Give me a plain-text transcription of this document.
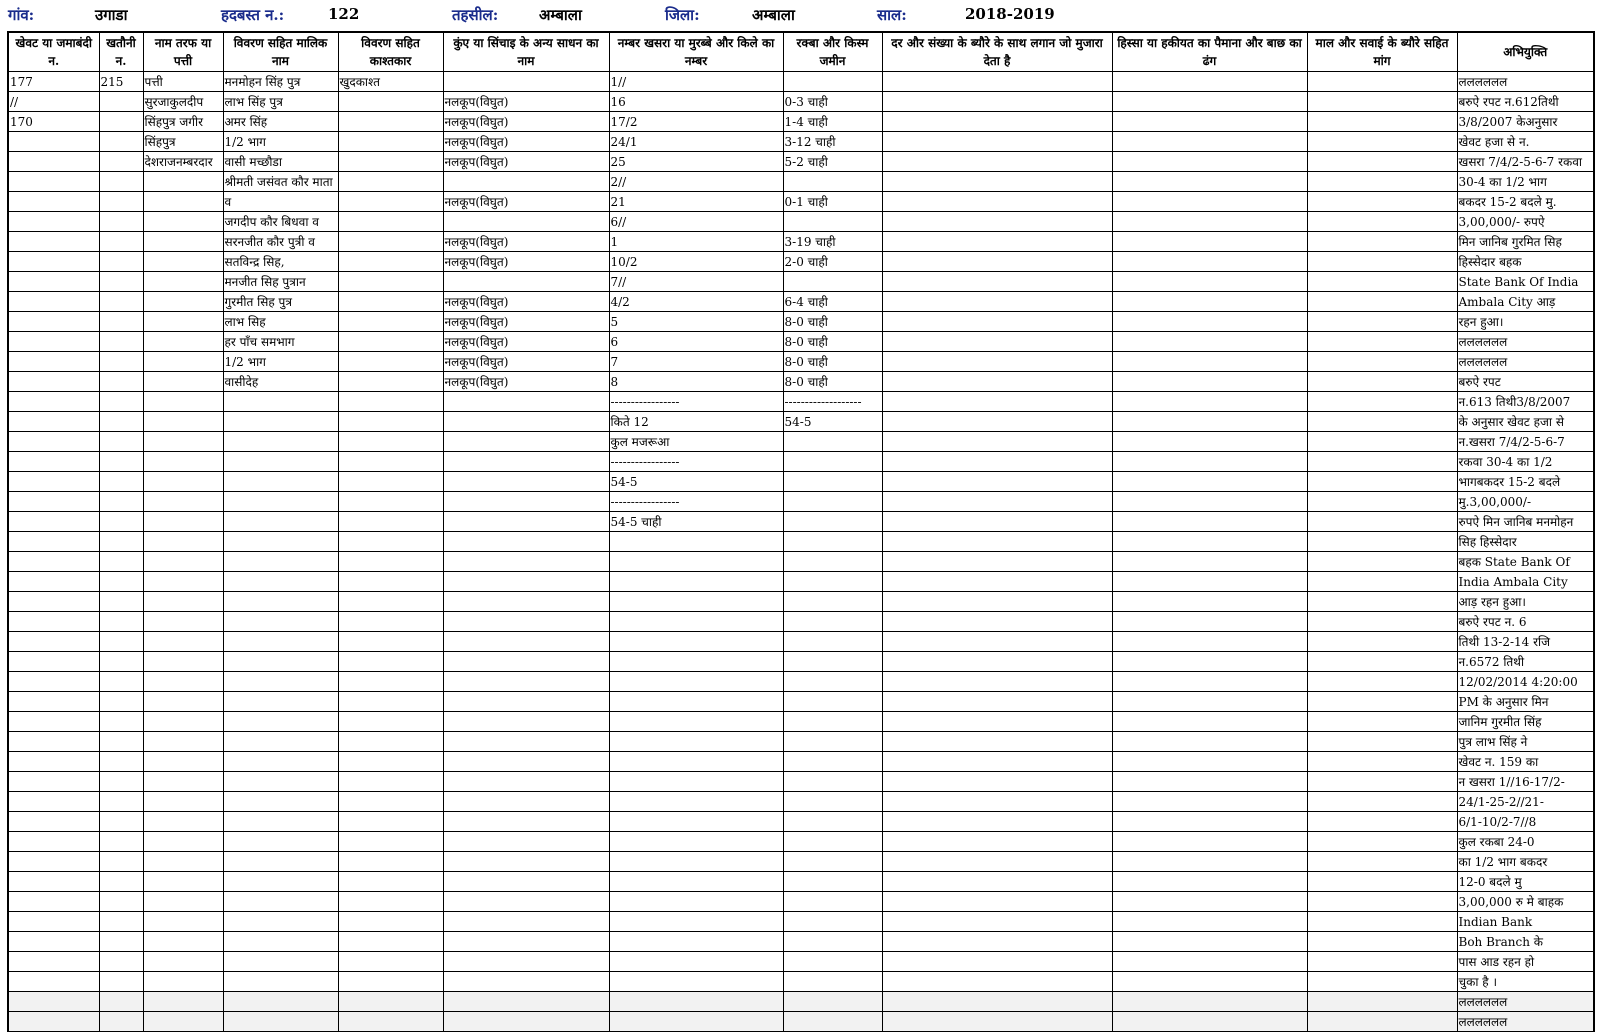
गांव:	उगाडा	हदबस्त न.:	122	तहसील:	अम्बाला	जिला:	अम्बाला	साल:	2018-2019
खेवट या जमाबंदी न.	खतौनी न.	नाम तरफ या पत्ती	विवरण सहित मालिक नाम	विवरण सहित काश्तकार	कुंए या सिंचाइ के अन्य साधन का नाम	नम्बर खसरा या मुरब्बे और किले का नम्बर	रक्बा और किस्म जमीन	दर और संख्या के ब्यौरे के साथ लगान जो मुजारा देता है	हिस्सा या हकीयत का पैमाना और बाछ का ढंग	माल और सवाई के ब्यौरे सहित मांग	अभियुक्ति
177	215	पत्ती	मनमोहन सिंह पुत्र	खुदकाश्त		1//					लललललल
//		सुरजाकुलदीप	लाभ सिंह पुत्र		नलकूप(विघुत)	16	0-3 चाही				बरुऐ रपट न.612तिथी
170		सिंहपुत्र जगीर	अमर सिंह		नलकूप(विघुत)	17/2	1-4 चाही				3/8/2007 केअनुसार
		सिंहपुत्र	1/2 भाग		नलकूप(विघुत)	24/1	3-12 चाही				खेवट हजा से न.
		देशराजनम्बरदार	वासी मच्छौडा		नलकूप(विघुत)	25	5-2 चाही				खसरा 7/4/2-5-6-7 रकवा
			श्रीमती जसंवत कौर माता			2//					30-4 का 1/2 भाग
			व		नलकूप(विघुत)	21	0-1 चाही				बकदर 15-2 बदले मु.
			जगदीप कौर बिधवा व			6//					3,00,000/- रुपऐ
			सरनजीत कौर पुत्री व		नलकूप(विघुत)	1	3-19 चाही				मिन जानिब गुरमित सिह
			सतविन्द्र सिह,		नलकूप(विघुत)	10/2	2-0 चाही				हिस्सेदार बहक
			मनजीत सिह पुत्रान			7//					State Bank Of India
			गुरमीत सिह पुत्र		नलकूप(विघुत)	4/2	6-4 चाही				Ambala City आड़
			लाभ सिह		नलकूप(विघुत)	5	8-0 चाही				रहन हुआ।
			हर पाँच समभाग		नलकूप(विघुत)	6	8-0 चाही				लललललल
			1/2 भाग		नलकूप(विघुत)	7	8-0 चाही				लललललल
			वासीदेह		नलकूप(विघुत)	8	8-0 चाही				बरुऐ रपट
						-----------------	-------------------				न.613 तिथी3/8/2007
						किते 12	54-5				के अनुसार खेवट हजा से
						कुल मजरूआ					न.खसरा 7/4/2-5-6-7
						-----------------					रकवा 30-4 का 1/2
						54-5					भागबकदर 15-2 बदले
						-----------------					मु.3,00,000/-
						54-5 चाही					रुपऐ मिन जानिब मनमोहन
											सिह हिस्सेदार
											बहक State Bank Of
											India Ambala City
											आड़ रहन हुआ।
											बरुऐ रपट न. 6
											तिथी 13-2-14 रजि
											न.6572 तिथी
											12/02/2014 4:20:00
											PM के अनुसार मिन
											जानिम गुरमीत सिंह
											पुत्र लाभ सिंह ने
											खेवट न. 159 का
											न खसरा 1//16-17/2-
											24/1-25-2//21-
											6/1-10/2-7//8
											कुल रकबा 24-0
											का 1/2 भाग बकदर
											12-0 बदले मु
											3,00,000 रु मे बाहक
											Indian Bank
											Boh Branch के
											पास आड रहन हो
											चुका है ।
											लललललल
											लललललल
